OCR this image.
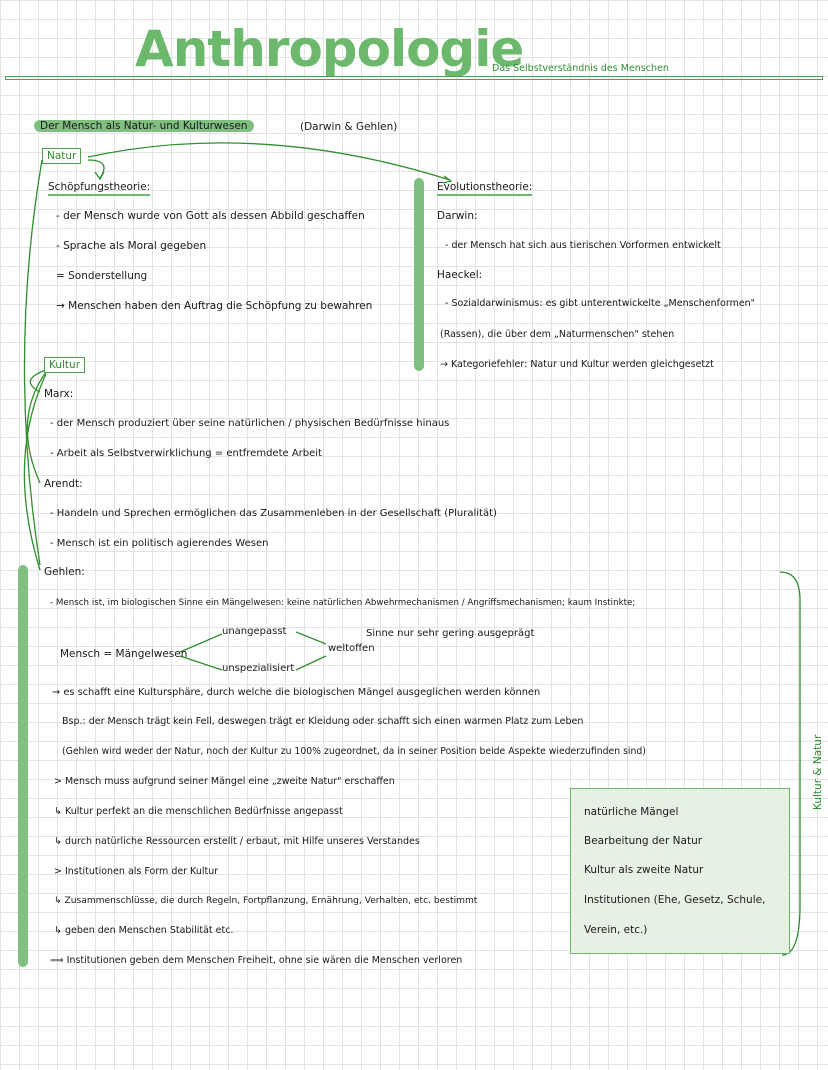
Anthropologie
Das Selbstverständnis des Menschen
Der Mensch als Natur- und Kulturwesen	(Darwin & Gehlen)
Natur
Schöpfungstheorie:
- der Mensch wurde von Gott als dessen Abbild geschaffen
- Sprache als Moral gegeben
= Sonderstellung
→ Menschen haben den Auftrag die Schöpfung zu bewahren
Evolutionstheorie:
Darwin:
- der Mensch hat sich aus tierischen Vorformen entwickelt
Haeckel:
- Sozialdarwinismus: es gibt unterentwickelte „Menschenformen"
(Rassen), die über dem „Naturmenschen" stehen
→ Kategoriefehler: Natur und Kultur werden gleichgesetzt
Kultur
Marx:
- der Mensch produziert über seine natürlichen / physischen Bedürfnisse hinaus
- Arbeit als Selbstverwirklichung = entfremdete Arbeit
Arendt:
- Handeln und Sprechen ermöglichen das Zusammenleben in der Gesellschaft (Pluralität)
- Mensch ist ein politisch agierendes Wesen
Gehlen:
- Mensch ist, im biologischen Sinne ein Mängelwesen: keine natürlichen Abwehrmechanismen / Angriffsmechanismen; kaum Instinkte;
Mensch = Mängelwesen
unangepasst
unspezialisiert
weltoffen
Sinne nur sehr gering ausgeprägt
→ es schafft eine Kultursphäre, durch welche die biologischen Mängel ausgeglichen werden können
Bsp.: der Mensch trägt kein Fell, deswegen trägt er Kleidung oder schafft sich einen warmen Platz zum Leben
(Gehlen wird weder der Natur, noch der Kultur zu 100% zugeordnet, da in seiner Position beide Aspekte wiederzufinden sind)
> Mensch muss aufgrund seiner Mängel eine „zweite Natur" erschaffen
↳ Kultur perfekt an die menschlichen Bedürfnisse angepasst
↳ durch natürliche Ressourcen erstellt / erbaut, mit Hilfe unseres Verstandes
> Institutionen als Form der Kultur
↳ Zusammenschlüsse, die durch Regeln, Fortpflanzung, Ernährung, Verhalten, etc. bestimmt
↳ geben den Menschen Stabilität etc.
⟹ Institutionen geben dem Menschen Freiheit, ohne sie wären die Menschen verloren
natürliche Mängel
Bearbeitung der Natur
Kultur als zweite Natur
Institutionen (Ehe, Gesetz, Schule,
Verein, etc.)
Kultur & Natur
